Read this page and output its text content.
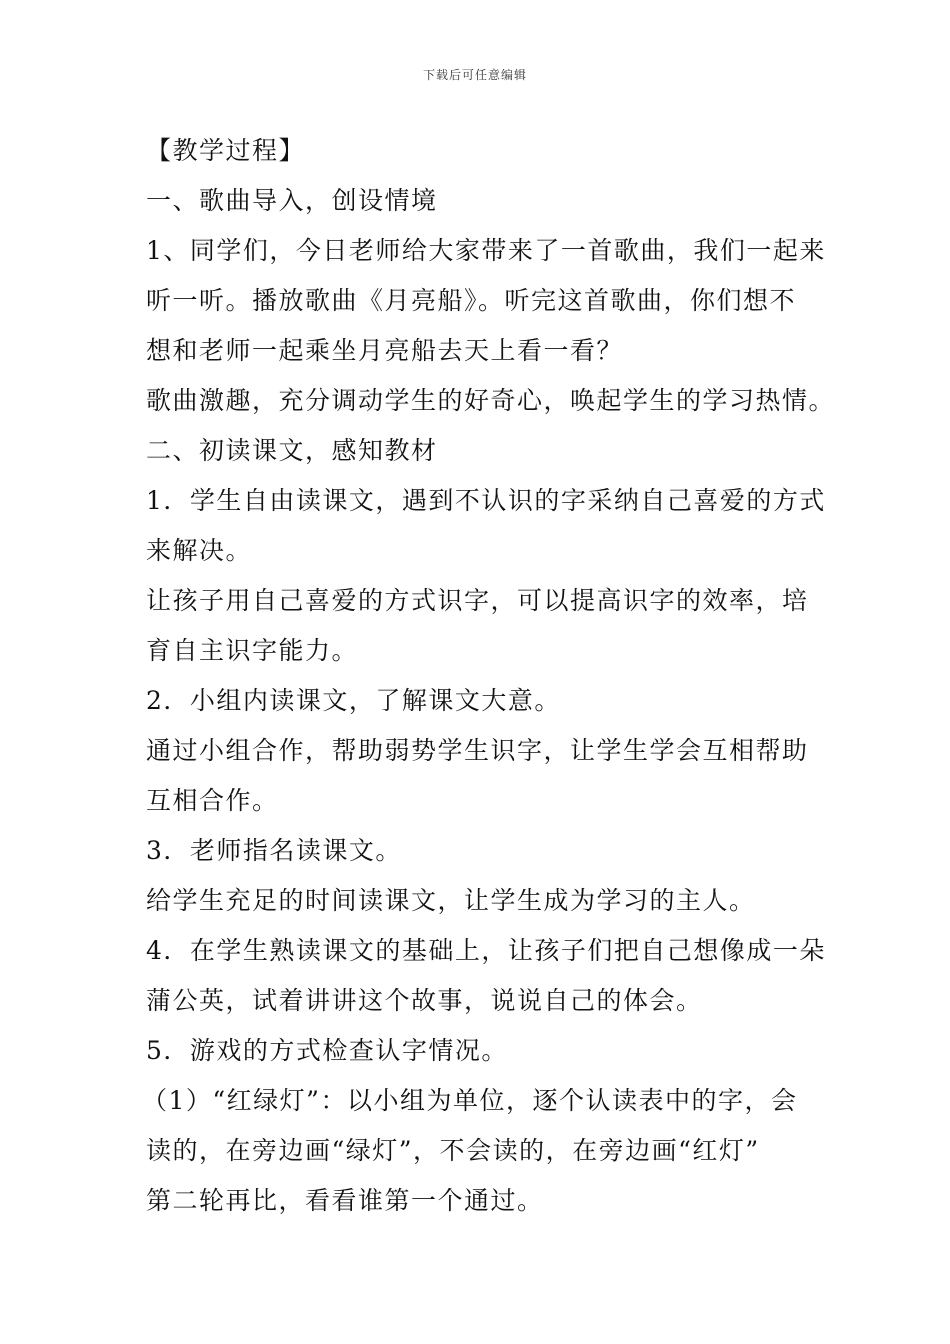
下载后可任意编辑
【教学过程】
一、歌曲导入，创设情境
1、同学们，今日老师给大家带来了一首歌曲，我们一起来
听一听。播放歌曲《月亮船》。听完这首歌曲，你们想不
想和老师一起乘坐月亮船去天上看一看？
歌曲激趣，充分调动学生的好奇心，唤起学生的学习热情。
二、初读课文，感知教材
1．学生自由读课文，遇到不认识的字采纳自己喜爱的方式
来解决。
让孩子用自己喜爱的方式识字，可以提高识字的效率，培
育自主识字能力。
2．小组内读课文，了解课文大意。
通过小组合作，帮助弱势学生识字，让学生学会互相帮助
互相合作。
3．老师指名读课文。
给学生充足的时间读课文，让学生成为学习的主人。
4．在学生熟读课文的基础上，让孩子们把自己想像成一朵
蒲公英，试着讲讲这个故事，说说自己的体会。
5．游戏的方式检查认字情况。
（1）“红绿灯”：以小组为单位，逐个认读表中的字，会
读的，在旁边画“绿灯”，不会读的，在旁边画“红灯”
第二轮再比，看看谁第一个通过。
